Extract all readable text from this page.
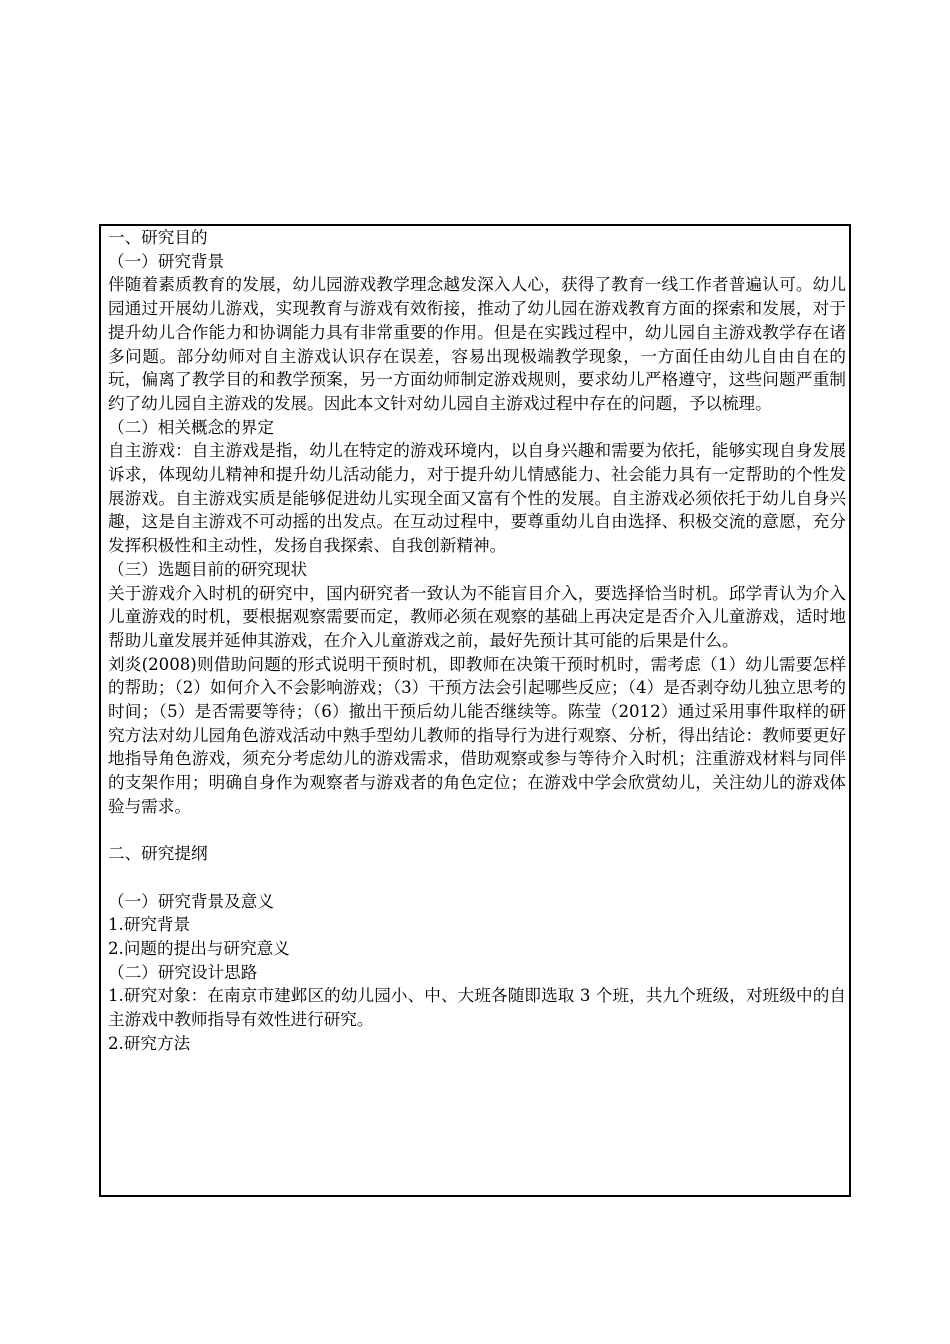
一、研究目的
（一）研究背景
伴随着素质教育的发展，幼儿园游戏教学理念越发深入人心，获得了教育一线工作者普遍认可。幼儿园通过开展幼儿游戏，实现教育与游戏有效衔接，推动了幼儿园在游戏教育方面的探索和发展，对于提升幼儿合作能力和协调能力具有非常重要的作用。但是在实践过程中，幼儿园自主游戏教学存在诸多问题。部分幼师对自主游戏认识存在误差，容易出现极端教学现象，一方面任由幼儿自由自在的玩，偏离了教学目的和教学预案，另一方面幼师制定游戏规则，要求幼儿严格遵守，这些问题严重制约了幼儿园自主游戏的发展。因此本文针对幼儿园自主游戏过程中存在的问题，予以梳理。
（二）相关概念的界定
自主游戏：自主游戏是指，幼儿在特定的游戏环境内，以自身兴趣和需要为依托，能够实现自身发展诉求，体现幼儿精神和提升幼儿活动能力，对于提升幼儿情感能力、社会能力具有一定帮助的个性发展游戏。自主游戏实质是能够促进幼儿实现全面又富有个性的发展。自主游戏必须依托于幼儿自身兴趣，这是自主游戏不可动摇的出发点。在互动过程中，要尊重幼儿自由选择、积极交流的意愿，充分发挥积极性和主动性，发扬自我探索、自我创新精神。
（三）选题目前的研究现状
关于游戏介入时机的研究中，国内研究者一致认为不能盲目介入，要选择恰当时机。邱学青认为介入儿童游戏的时机，要根据观察需要而定，教师必须在观察的基础上再决定是否介入儿童游戏，适时地帮助儿童发展并延伸其游戏，在介入儿童游戏之前，最好先预计其可能的后果是什么。
刘炎(2008)则借助问题的形式说明干预时机，即教师在决策干预时机时，需考虑（1）幼儿需要怎样的帮助；（2）如何介入不会影响游戏；（3）干预方法会引起哪些反应；（4）是否剥夺幼儿独立思考的时间；（5）是否需要等待；（6）撤出干预后幼儿能否继续等。陈莹（2012）通过采用事件取样的研究方法对幼儿园角色游戏活动中熟手型幼儿教师的指导行为进行观察、分析，得出结论：教师要更好地指导角色游戏，须充分考虑幼儿的游戏需求，借助观察或参与等待介入时机；注重游戏材料与同伴的支架作用；明确自身作为观察者与游戏者的角色定位；在游戏中学会欣赏幼儿，关注幼儿的游戏体验与需求。
二、研究提纲
（一）研究背景及意义
1.研究背景
2.问题的提出与研究意义
（二）研究设计思路
1.研究对象：在南京市建邺区的幼儿园小、中、大班各随即选取 3 个班，共九个班级，对班级中的自主游戏中教师指导有效性进行研究。
2.研究方法
